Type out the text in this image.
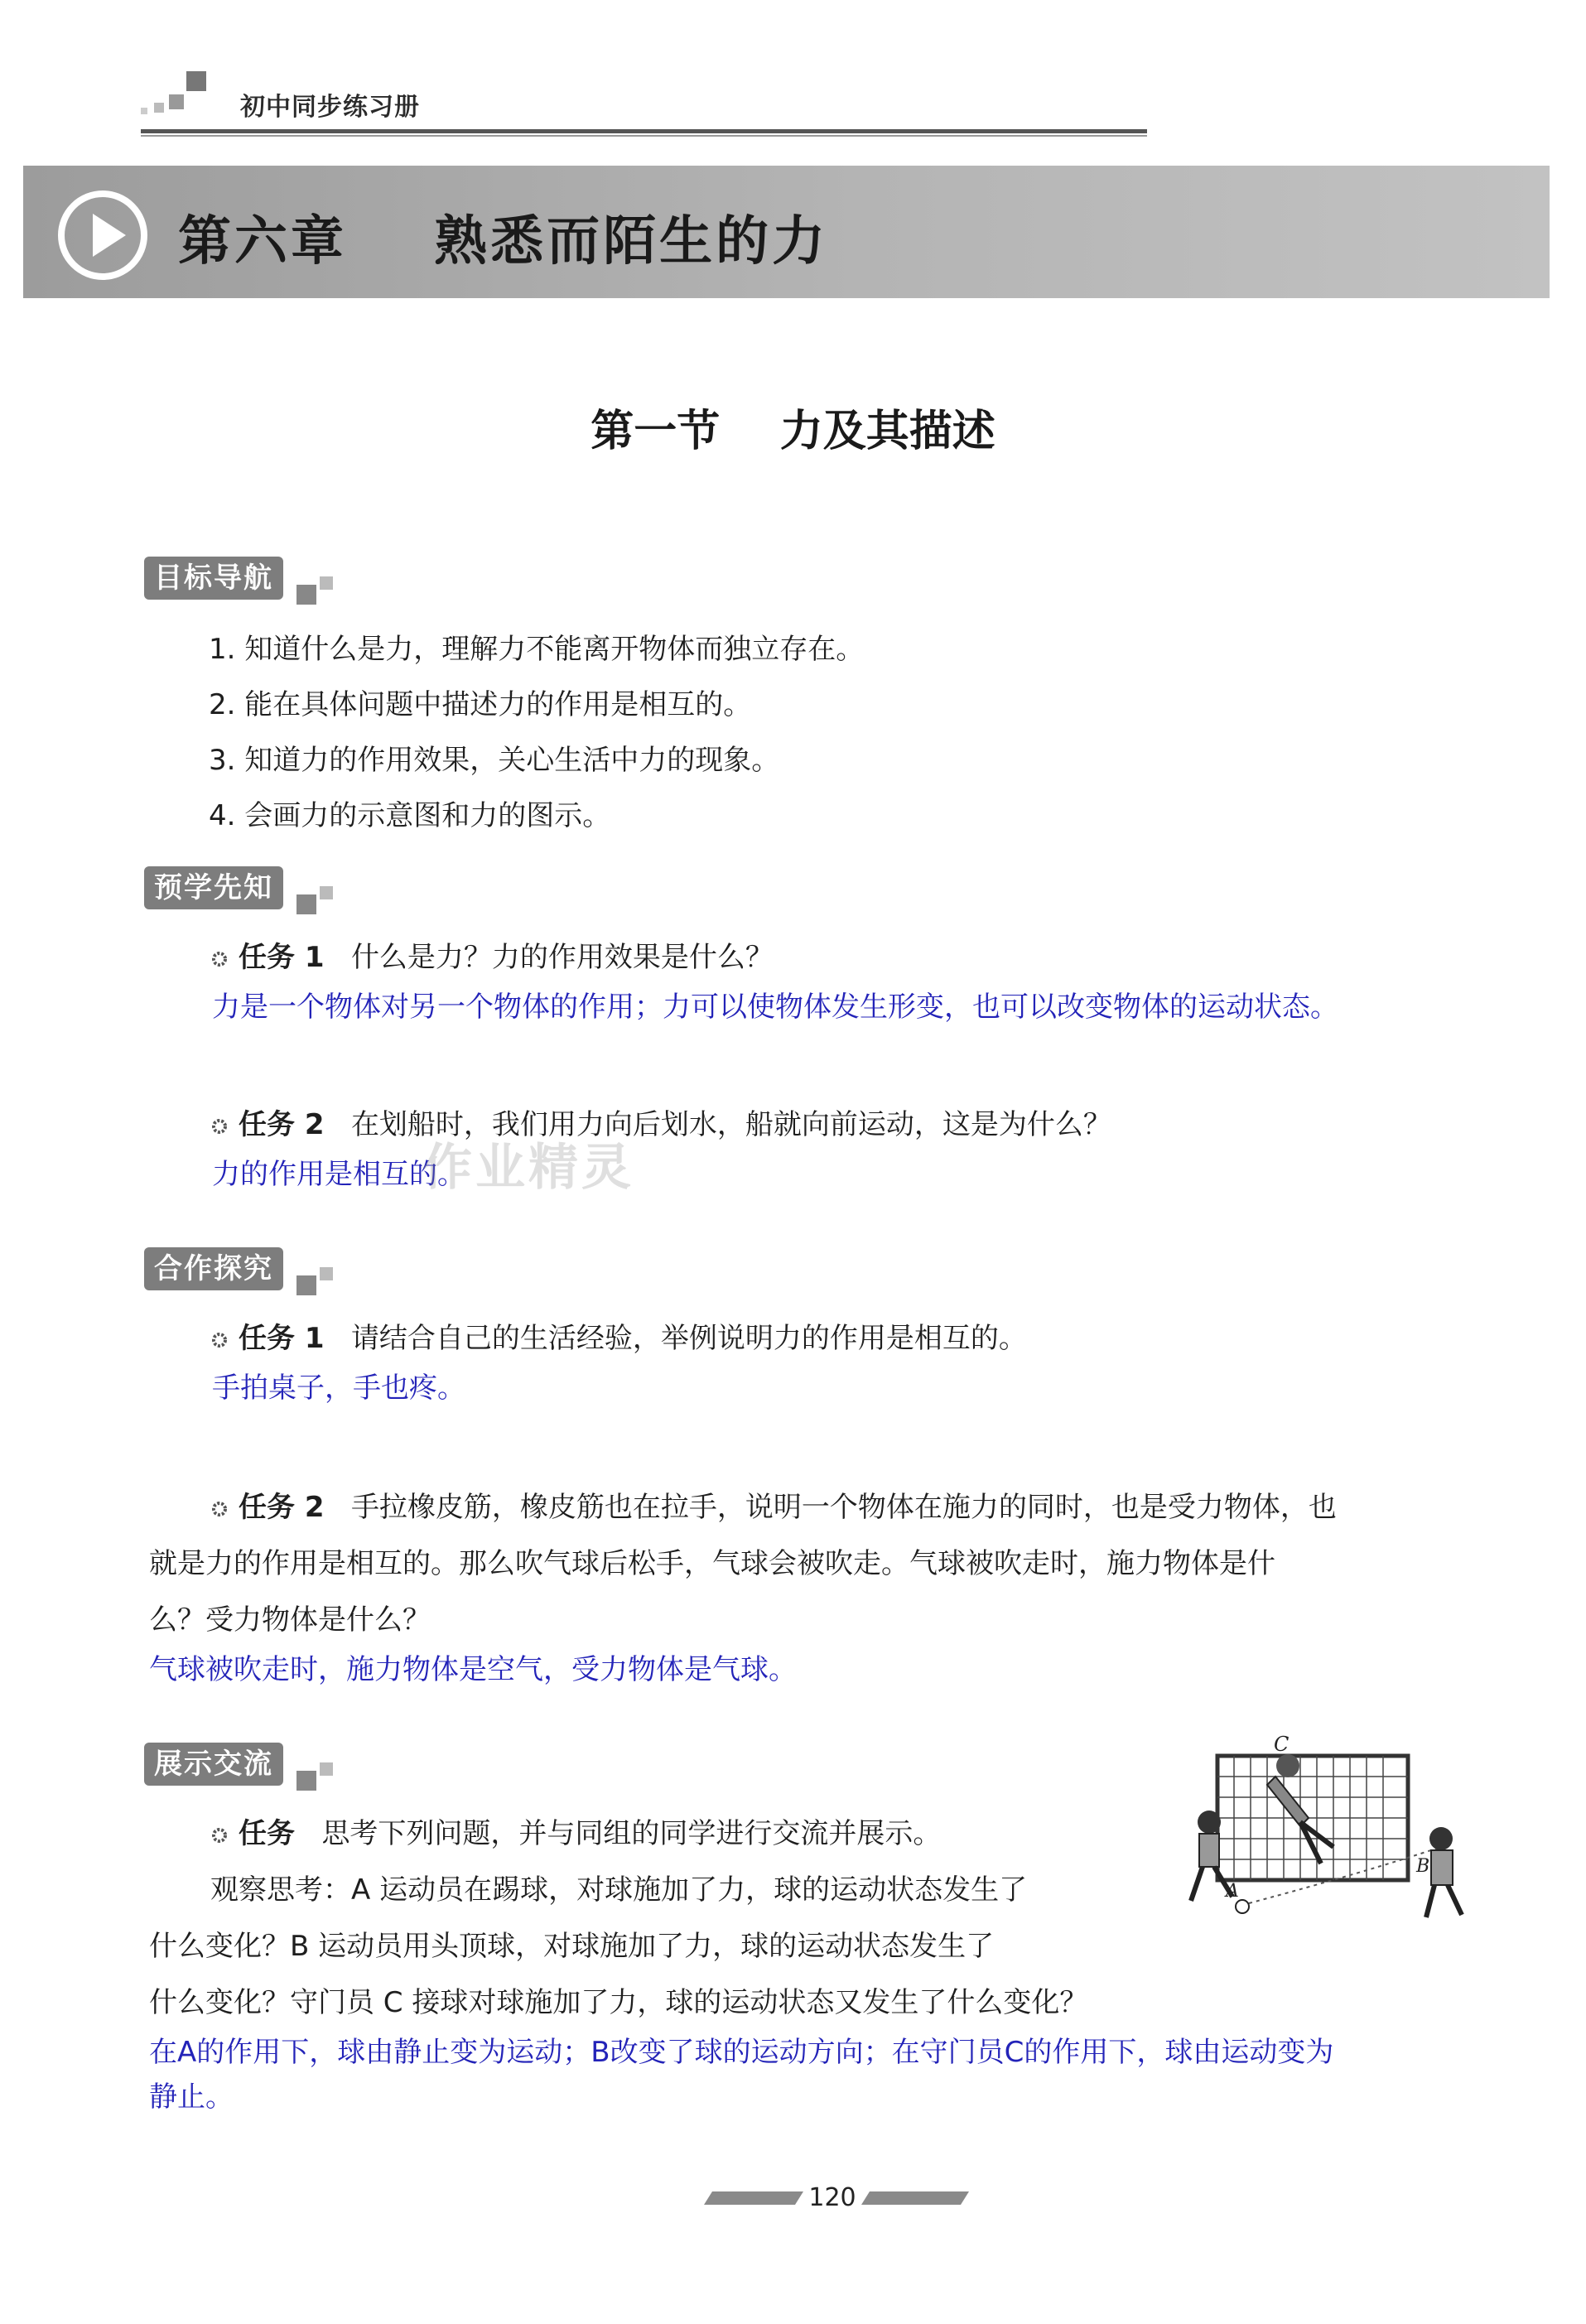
初中同步练习册
第六章    熟悉而陌生的力
第一节    力及其描述
目标导航
1. 知道什么是力，理解力不能离开物体而独立存在。
2. 能在具体问题中描述力的作用是相互的。
3. 知道力的作用效果，关心生活中力的现象。
4. 会画力的示意图和力的图示。
预学先知
任务 1 什么是力？力的作用效果是什么？
力是一个物体对另一个物体的作用；力可以使物体发生形变，也可以改变物体的运动状态。
任务 2 在划船时，我们用力向后划水，船就向前运动，这是为什么？
力的作用是相互的。
作业精灵
合作探究
任务 1 请结合自己的生活经验，举例说明力的作用是相互的。
手拍桌子，手也疼。
任务 2 手拉橡皮筋，橡皮筋也在拉手，说明一个物体在施力的同时，也是受力物体，也
就是力的作用是相互的。那么吹气球后松手，气球会被吹走。气球被吹走时，施力物体是什
么？受力物体是什么？
气球被吹走时，施力物体是空气，受力物体是气球。
展示交流
任务 思考下列问题，并与同组的同学进行交流并展示。
观察思考：A 运动员在踢球，对球施加了力，球的运动状态发生了
什么变化？B 运动员用头顶球，对球施加了力，球的运动状态发生了
什么变化？守门员 C 接球对球施加了力，球的运动状态又发生了什么变化？
在A的作用下，球由静止变为运动；B改变了球的运动方向；在守门员C的作用下，球由运动变为
静止。
C
A
B
120
